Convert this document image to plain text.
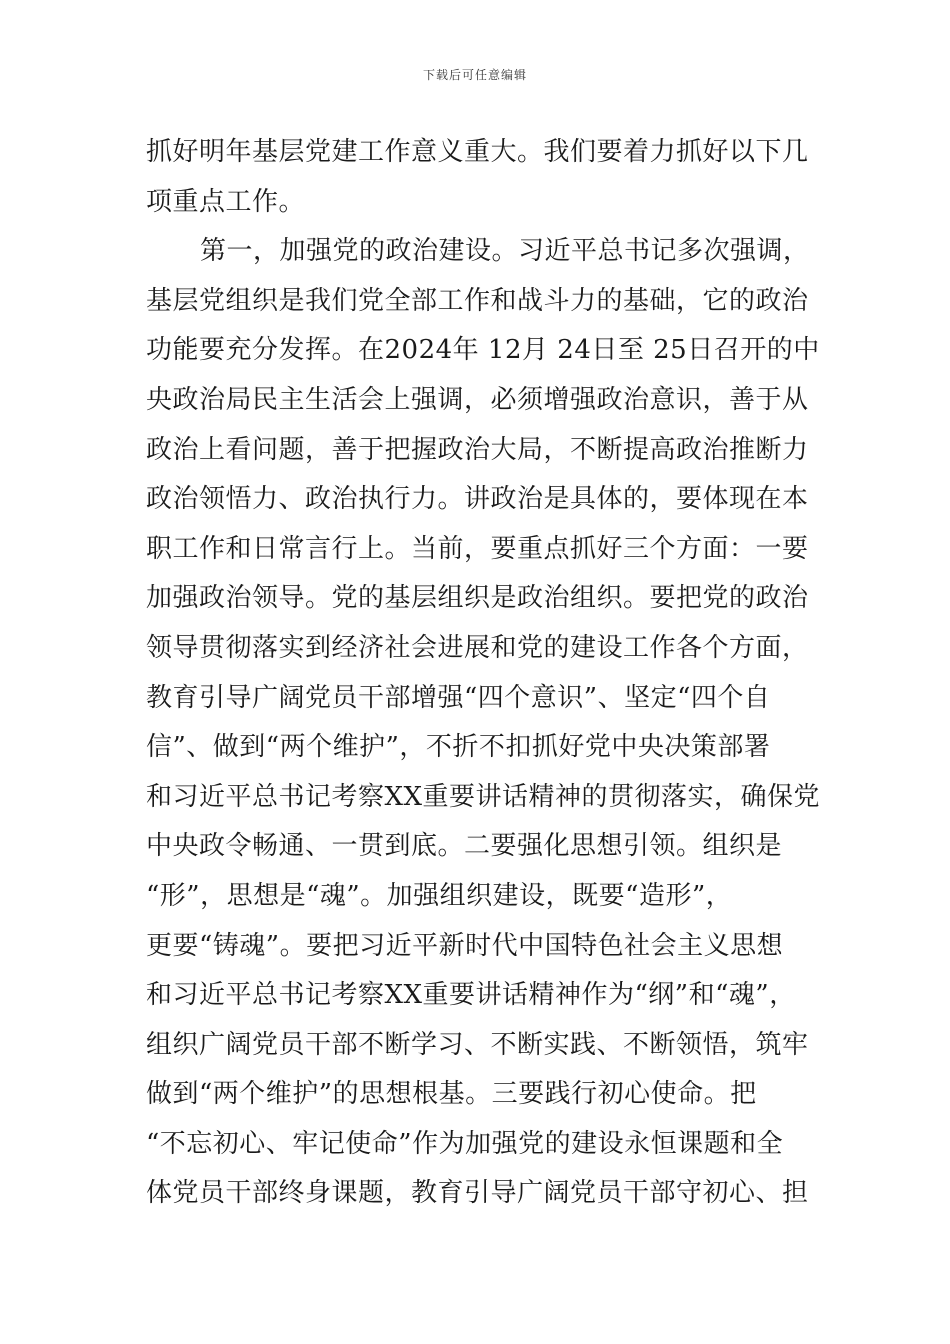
下载后可任意编辑
抓好明年基层党建工作意义重大。我们要着力抓好以下几
项重点工作。
第一，加强党的政治建设。习近平总书记多次强调，
基层党组织是我们党全部工作和战斗力的基础，它的政治
功能要充分发挥。在2024年 12月 24日至 25日召开的中
央政治局民主生活会上强调，必须增强政治意识，善于从
政治上看问题，善于把握政治大局，不断提高政治推断力
政治领悟力、政治执行力。讲政治是具体的，要体现在本
职工作和日常言行上。当前，要重点抓好三个方面：一要
加强政治领导。党的基层组织是政治组织。要把党的政治
领导贯彻落实到经济社会进展和党的建设工作各个方面，
教育引导广阔党员干部增强“四个意识”、坚定“四个自
信”、做到“两个维护”，不折不扣抓好党中央决策部署
和习近平总书记考察XX重要讲话精神的贯彻落实，确保党
中央政令畅通、一贯到底。二要强化思想引领。组织是
“形”，思想是“魂”。加强组织建设，既要“造形”，
更要“铸魂”。要把习近平新时代中国特色社会主义思想
和习近平总书记考察XX重要讲话精神作为“纲”和“魂”，
组织广阔党员干部不断学习、不断实践、不断领悟，筑牢
做到“两个维护”的思想根基。三要践行初心使命。把
“不忘初心、牢记使命”作为加强党的建设永恒课题和全
体党员干部终身课题，教育引导广阔党员干部守初心、担
